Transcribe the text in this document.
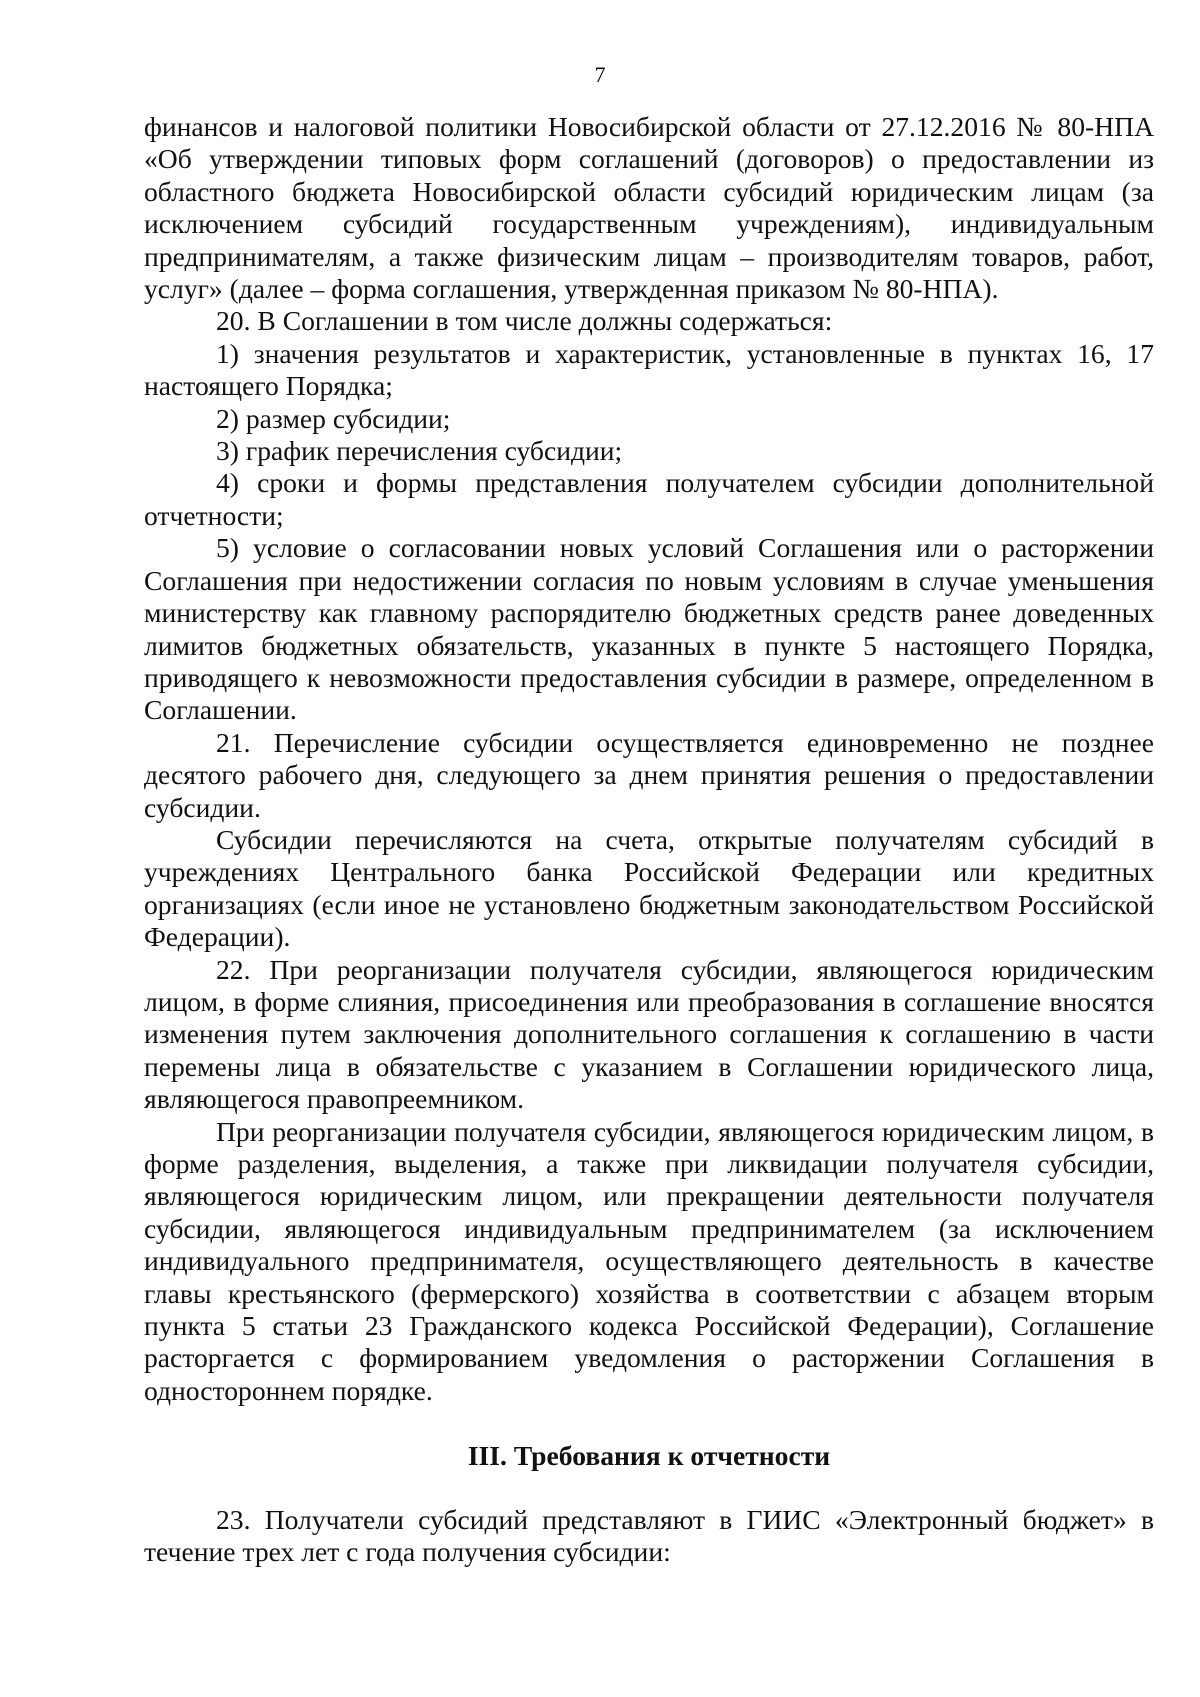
7

финансов и налоговой политики Новосибирской области от 27.12.2016 № 80-НПА «Об утверждении типовых форм соглашений (договоров) о предоставлении из областного бюджета Новосибирской области субсидий юридическим лицам (за исключением субсидий государственным учреждениям), индивидуальным предпринимателям, а также физическим лицам – производителям товаров, работ, услуг» (далее – форма соглашения, утвержденная приказом № 80-НПА).

20. В Соглашении в том числе должны содержаться:

1) значения результатов и характеристик, установленные в пунктах 16, 17 настоящего Порядка;

2) размер субсидии;

3) график перечисления субсидии;

4) сроки и формы представления получателем субсидии дополнительной отчетности;

5) условие о согласовании новых условий Соглашения или о расторжении Соглашения при недостижении согласия по новым условиям в случае уменьшения министерству как главному распорядителю бюджетных средств ранее доведенных лимитов бюджетных обязательств, указанных в пункте 5 настоящего Порядка, приводящего к невозможности предоставления субсидии в размере, определенном в Соглашении.

21. Перечисление субсидии осуществляется единовременно не позднее десятого рабочего дня, следующего за днем принятия решения о предоставлении субсидии.

Субсидии перечисляются на счета, открытые получателям субсидий в учреждениях Центрального банка Российской Федерации или кредитных организациях (если иное не установлено бюджетным законодательством Российской Федерации).

22. При реорганизации получателя субсидии, являющегося юридическим лицом, в форме слияния, присоединения или преобразования в соглашение вносятся изменения путем заключения дополнительного соглашения к соглашению в части перемены лица в обязательстве с указанием в Соглашении юридического лица, являющегося правопреемником.

При реорганизации получателя субсидии, являющегося юридическим лицом, в форме разделения, выделения, а также при ликвидации получателя субсидии, являющегося юридическим лицом, или прекращении деятельности получателя субсидии, являющегося индивидуальным предпринимателем (за исключением индивидуального предпринимателя, осуществляющего деятельность в качестве главы крестьянского (фермерского) хозяйства в соответствии с абзацем вторым пункта 5 статьи 23 Гражданского кодекса Российской Федерации), Соглашение расторгается с формированием уведомления о расторжении Соглашения в одностороннем порядке.

III. Требования к отчетности

23. Получатели субсидий представляют в ГИИС «Электронный бюджет» в течение трех лет с года получения субсидии:
